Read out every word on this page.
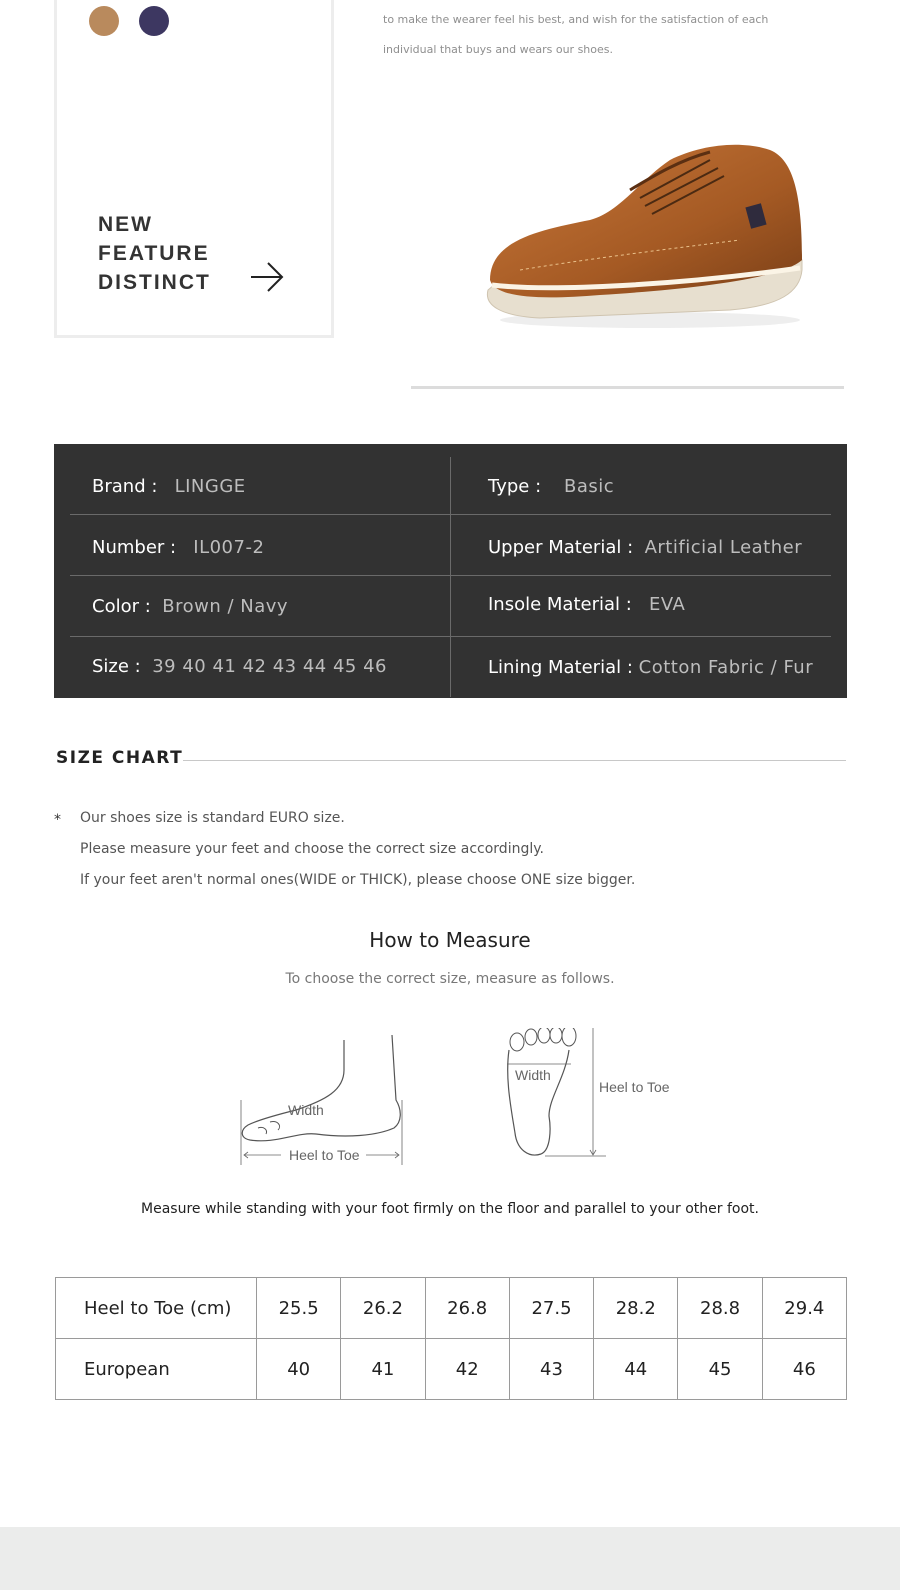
NEW
FEATURE
DISTINCT
to make the wearer feel his best, and wish for the satisfaction of each
individual that buys and wears our shoes.
Brand : LINGGE	Type : Basic
Number : IL007-2	Upper Material : Artificial Leather
Color : Brown / Navy	Insole Material : EVA
Size : 39 40 41 42 43 44 45 46	Lining Material : Cotton Fabric / Fur
SIZE CHART
* Our shoes size is standard EURO size.
Please measure your feet and choose the correct size accordingly.
If your feet aren't normal ones(WIDE or THICK), please choose ONE size bigger.
How to Measure
To choose the correct size, measure as follows.
Width
Heel to Toe
Width
Heel to Toe
Measure while standing with your foot firmly on the floor and parallel to your other foot.
Heel to Toe (cm)	25.5	26.2	26.8	27.5	28.2	28.8	29.4
European	40	41	42	43	44	45	46
